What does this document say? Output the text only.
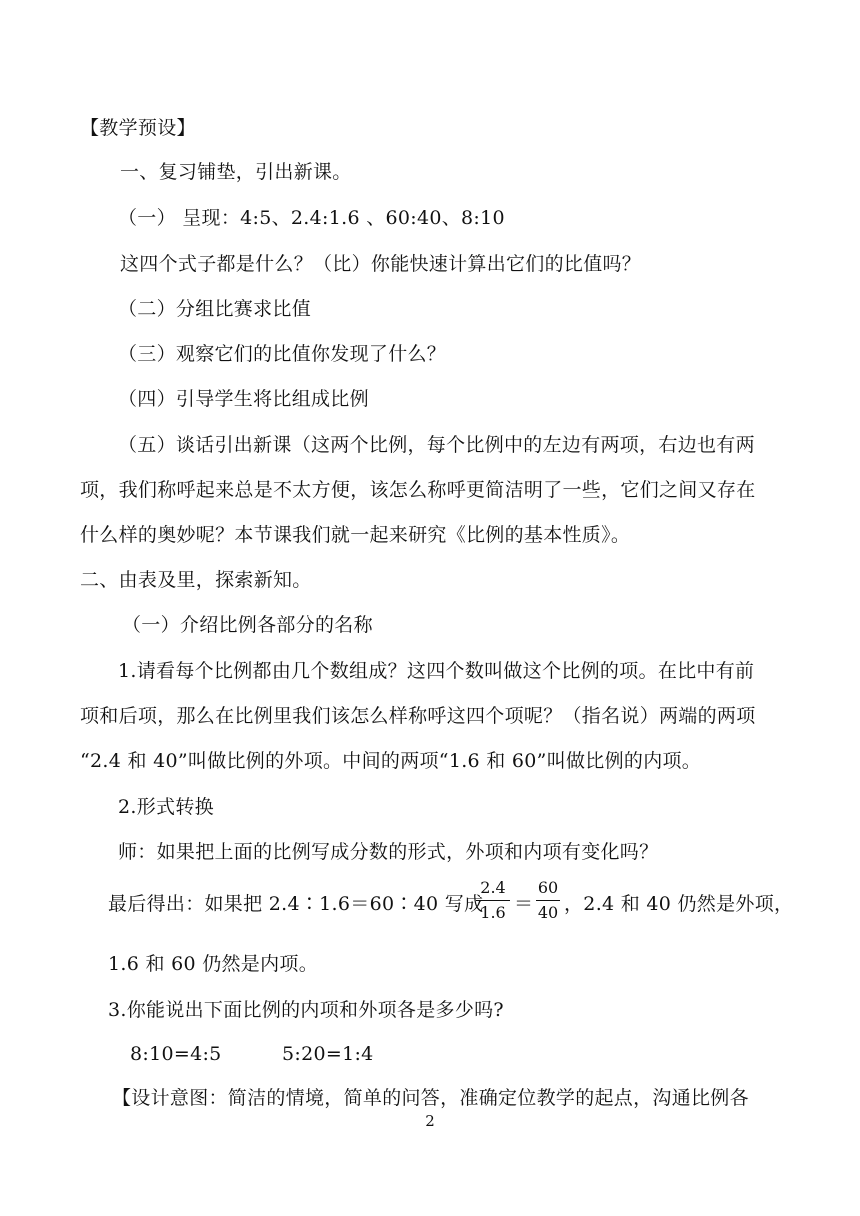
【教学预设】
一、复习铺垫，引出新课。
（一） 呈现：4:5、2.4:1.6 、60:40、8:10
这四个式子都是什么？（比）你能快速计算出它们的比值吗？
（二）分组比赛求比值
（三）观察它们的比值你发现了什么？
（四）引导学生将比组成比例
（五）谈话引出新课（这两个比例，每个比例中的左边有两项，右边也有两
项，我们称呼起来总是不太方便，该怎么称呼更简洁明了一些，它们之间又存在
什么样的奥妙呢？本节课我们就一起来研究《比例的基本性质》。
二、由表及里，探索新知。
（一）介绍比例各部分的名称
1.请看每个比例都由几个数组成？这四个数叫做这个比例的项。在比中有前
项和后项，那么在比例里我们该怎么样称呼这四个项呢？（指名说）两端的两项
“2.4 和 40”叫做比例的外项。中间的两项“1.6 和 60”叫做比例的内项。
2.形式转换
师：如果把上面的比例写成分数的形式，外项和内项有变化吗？
最后得出：如果把 2.4∶1.6＝60∶40 写成
2.4
1.6 ＝
60
40 ，2.4 和 40 仍然是外项，
1.6 和 60 仍然是内项。
3.你能说出下面比例的内项和外项各是多少吗?
8:10=4:5	5:20=1:4
【设计意图：简洁的情境，简单的问答，准确定位教学的起点，沟通比例各
2
